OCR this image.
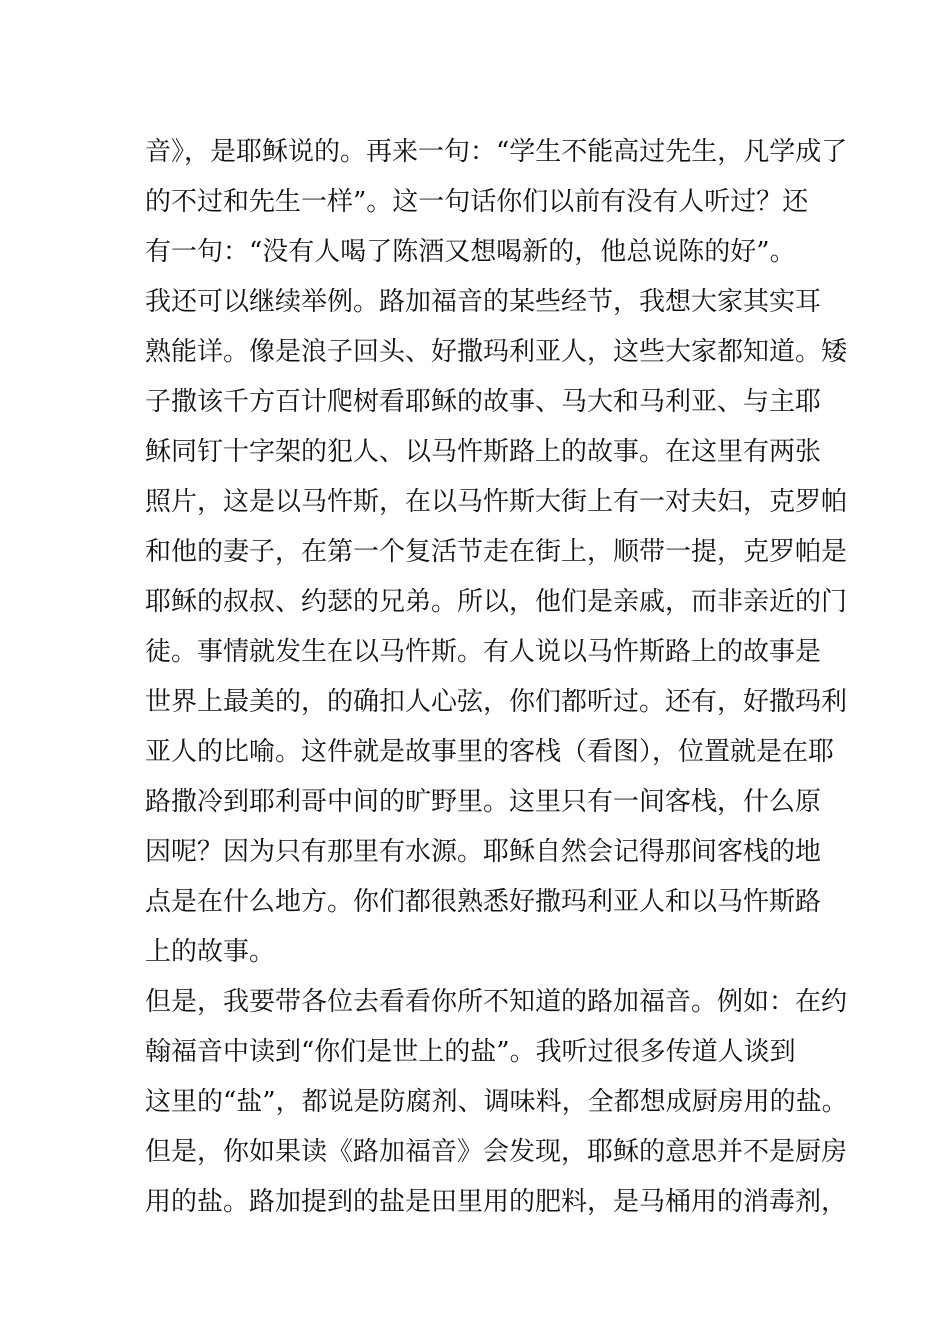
音》，是耶稣说的。再来一句：“学生不能高过先生，凡学成了
的不过和先生一样”。这一句话你们以前有没有人听过？还
有一句：“没有人喝了陈酒又想喝新的，他总说陈的好”。
我还可以继续举例。路加福音的某些经节，我想大家其实耳
熟能详。像是浪子回头、好撒玛利亚人，这些大家都知道。矮
子撒该千方百计爬树看耶稣的故事、马大和马利亚、与主耶
稣同钉十字架的犯人、以马忤斯路上的故事。在这里有两张
照片，这是以马忤斯，在以马忤斯大街上有一对夫妇，克罗帕
和他的妻子，在第一个复活节走在街上，顺带一提，克罗帕是
耶稣的叔叔、约瑟的兄弟。所以，他们是亲戚，而非亲近的门
徒。事情就发生在以马忤斯。有人说以马忤斯路上的故事是
世界上最美的，的确扣人心弦，你们都听过。还有，好撒玛利
亚人的比喻。这件就是故事里的客栈（看图），位置就是在耶
路撒冷到耶利哥中间的旷野里。这里只有一间客栈，什么原
因呢？因为只有那里有水源。耶稣自然会记得那间客栈的地
点是在什么地方。你们都很熟悉好撒玛利亚人和以马忤斯路
上的故事。
但是，我要带各位去看看你所不知道的路加福音。例如：在约
翰福音中读到“你们是世上的盐”。我听过很多传道人谈到
这里的“盐”，都说是防腐剂、调味料，全都想成厨房用的盐。
但是，你如果读《路加福音》会发现，耶稣的意思并不是厨房
用的盐。路加提到的盐是田里用的肥料，是马桶用的消毒剂，
